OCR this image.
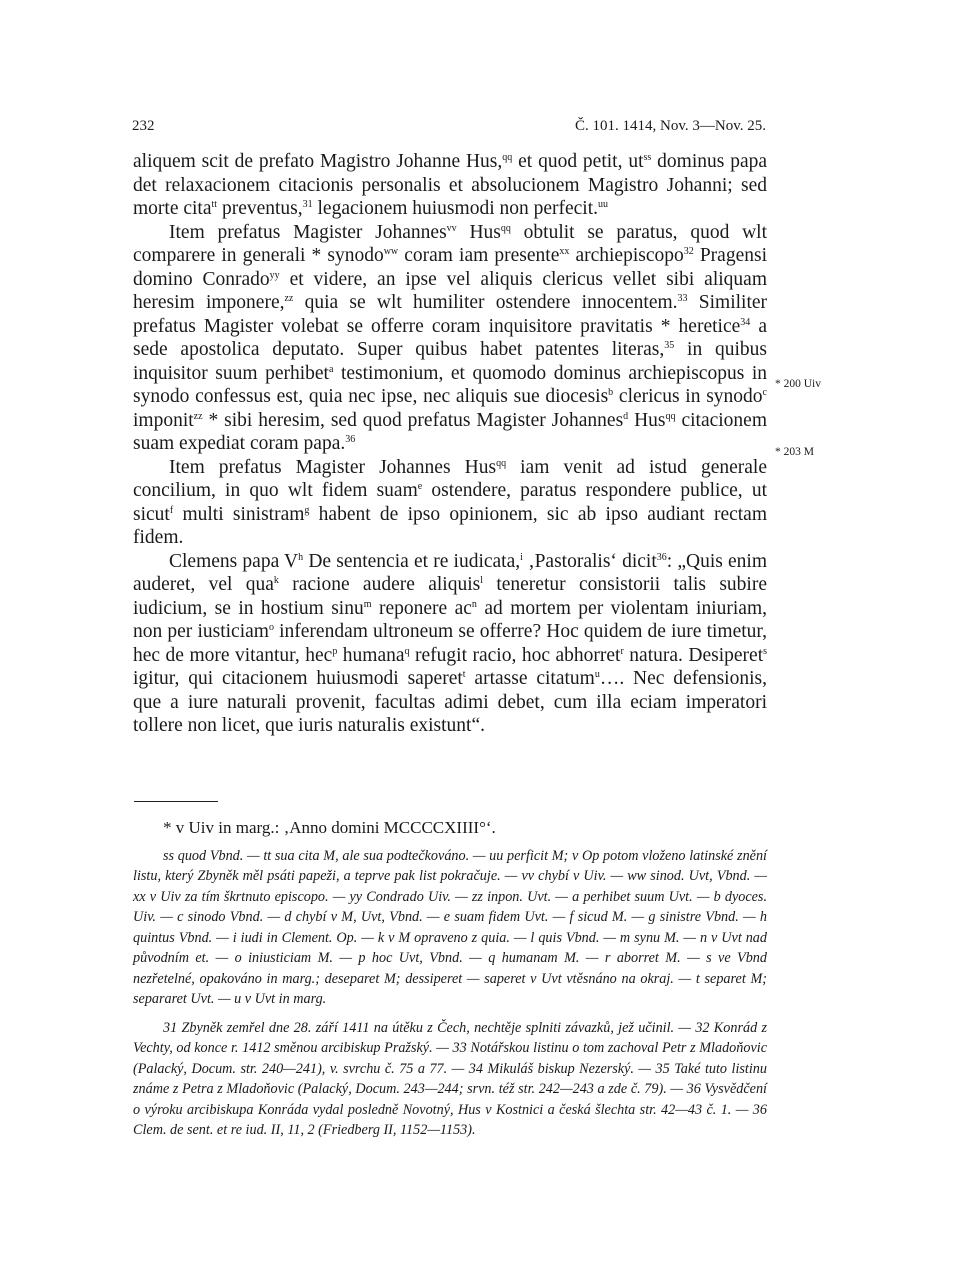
232	Č. 101. 1414, Nov. 3—Nov. 25.
* 200 Uiv
* 203 M

aliquem scit de prefato Magistro Johanne Hus,$^{qq}$ et quod petit, $ut^{ss}$ dominus papa det relaxacionem citacionis personalis et absolucionem Magistro Johanni; sed morte cita$^{tt}$ preventus,$^{31}$ legacionem huiusmodi non perfecit.$^{uu}$

Item prefatus Magister Johannes$^{vv}$ Hus$^{qq}$ obtulit se paratus, quod wlt comparere in generali * synodo$^{ww}$ coram iam presente$^{xx}$ archiepiscopo$^{32}$ Pragensi domino Conrado$^{yy}$ et videre, an ipse vel aliquis clericus vellet sibi aliquam heresim imponere,$^{zz}$ quia se wlt humiliter ostendere innocentem.$^{33}$ Similiter prefatus Magister volebat se offerre coram inquisitore pravitatis * heretice$^{34}$ a sede apostolica deputato. Super quibus habet patentes literas,$^{35}$ in quibus inquisitor suum perhibet$^a$ testimonium, et quomodo dominus archiepiscopus in synodo confessus est, quia nec ipse, nec aliquis sue diocesis$^b$ clericus in synodo$^c$ imponit$^{zz}$ * sibi heresim, sed quod prefatus Magister Johannes$^d$ Hus$^{qq}$ citacionem suam expediat coram papa.$^{36}$

Item prefatus Magister Johannes Hus$^{qq}$ iam venit ad istud generale concilium, in quo wlt fidem suam$^e$ ostendere, paratus respondere publice, ut sicut$^f$ multi sinistram$^g$ habent de ipso opinionem, sic ab ipso audiant rectam fidem.

Clemens papa $V^h$ De sentencia et re iudicata,$^i$ ‚Pastoralis‘ dicit$^{36}$: „Quis enim auderet, vel qua$^k$ racione audere aliquis$^l$ teneretur consistorii talis subire iudicium, se in hostium sinu$^m$ reponere $ac^n$ ad mortem per violentam iniuriam, non per iusticiam$^o$ inferendam ultroneum se offerre? Hoc quidem de iure timetur, hec de more vitantur, hec$^p$ humana$^q$ refugit racio, hoc abhorret$^r$ natura. Desiperet$^s$ igitur, qui citacionem huiusmodi saperet$^t$ artasse citatum$^u$…. Nec defensionis, que a iure naturali provenit, facultas adimi debet, cum illa eciam imperatori tollere non licet, que iuris naturalis existunt“.

* v Uiv in marg.: ‚Anno domini MCCCCXIIII°‘.

ss quod Vbnd. — tt sua cita M, ale sua podtečkováno. — uu perficit M; v Op potom vloženo latinské znění listu, který Zbyněk měl psáti papeži, a teprve pak list pokračuje. — vv chybí v Uiv. — ww sinod. Uvt, Vbnd. — xx v Uiv za tím škrtnuto episcopo. — yy Condrado Uiv. — zz inpon. Uvt. — a perhibet suum Uvt. — b dyoces. Uiv. — c sinodo Vbnd. — d chybí v M, Uvt, Vbnd. — e suam fidem Uvt. — f sicud M. — g sinistre Vbnd. — h quintus Vbnd. — i iudi in Clement. Op. — k v M opraveno z quia. — l quis Vbnd. — m synu M. — n v Uvt nad původním et. — o iniusticiam M. — p hoc Uvt, Vbnd. — q humanam M. — r aborret M. — s ve Vbnd nezřetelné, opakováno in marg.; deseparet M; dessiperet — saperet v Uvt vtěsnáno na okraj. — t separet M; separaret Uvt. — u v Uvt in marg.

31 Zbyněk zemřel dne 28. září 1411 na útěku z Čech, nechtěje splniti závazků, jež učinil. — 32 Konrád z Vechty, od konce r. 1412 směnou arcibiskup Pražský. — 33 Notářskou listinu o tom zachoval Petr z Mladoňovic (Palacký, Docum. str. 240—241), v. svrchu č. 75 a 77. — 34 Mikuláš biskup Nezerský. — 35 Také tuto listinu známe z Petra z Mladoňovic (Palacký, Docum. 243—244; srvn. též str. 242—243 a zde č. 79). — 36 Vysvědčení o výroku arcibiskupa Konráda vydal posledně Novotný, Hus v Kostnici a česká šlechta str. 42—43 č. 1. — 36 Clem. de sent. et re iud. II, 11, 2 (Friedberg II, 1152—1153).
